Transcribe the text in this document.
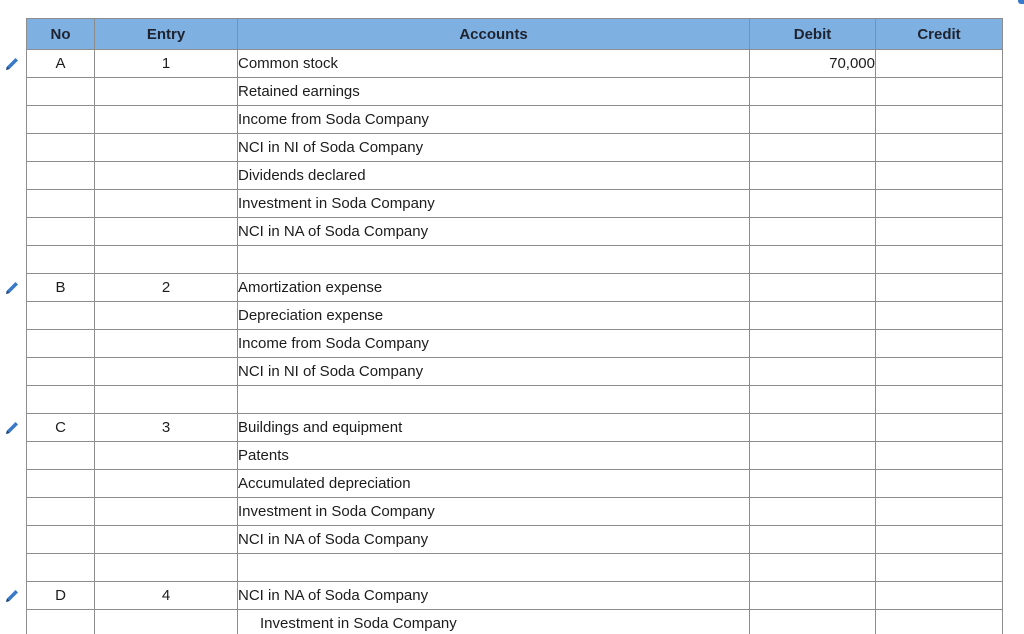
No	Entry	Accounts	Debit	Credit
A	1	Common stock	70,000	
		Retained earnings		
		Income from Soda Company		
		NCI in NI of Soda Company		
		Dividends declared		
		Investment in Soda Company		
		NCI in NA of Soda Company		

B	2	Amortization expense		
		Depreciation expense		
		Income from Soda Company		
		NCI in NI of Soda Company		

C	3	Buildings and equipment		
		Patents		
		Accumulated depreciation		
		Investment in Soda Company		
		NCI in NA of Soda Company		

D	4	NCI in NA of Soda Company		
		Investment in Soda Company		
